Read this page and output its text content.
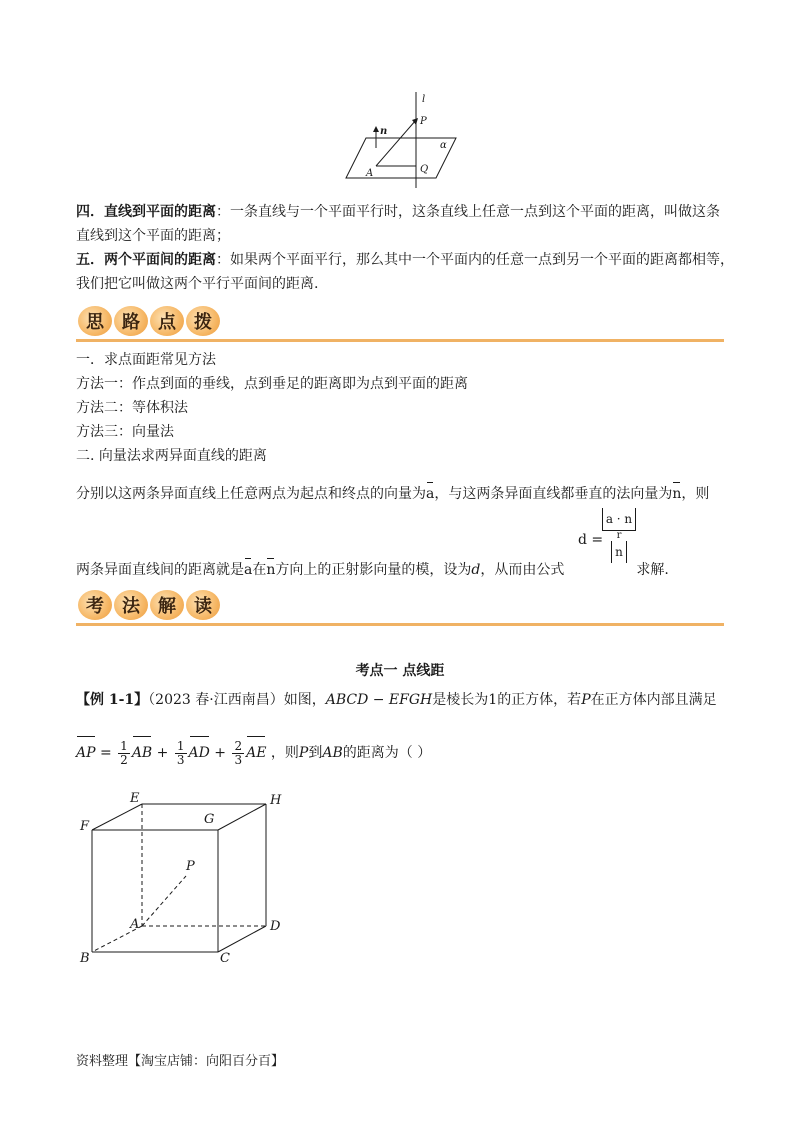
l
P
n
α
Q
A
四．直线到平面的距离：一条直线与一个平面平行时，这条直线上任意一点到这个平面的距离，叫做这条
直线到这个平面的距离；
五．两个平面间的距离：如果两个平面平行，那么其中一个平面内的任意一点到另一个平面的距离都相等，
我们把它叫做这两个平行平面间的距离.
思	路	点	拨
一．求点面距常见方法
方法一：作点到面的垂线，点到垂足的距离即为点到平面的距离
方法二：等体积法
方法三：向量法
二. 向量法求两异面直线的距离
分别以这两条异面直线上任意两点为起点和终点的向量为a，与这两条异面直线都垂直的法向量为n，则
d =
a · n
r
n
两条异面直线间的距离就是a在n方向上的正射影向量的模，设为d，从而由公式	求解.
考	法	解	读
考点一 点线距
【例 1-1】（2023 春·江西南昌）如图，ABCD − EFGH是棱长为1的正方体，若P在正方体内部且满足
AP = $\frac{1}{2}$ AB + $\frac{1}{3}$ AD + $\frac{2}{3}$ AE ，则P到AB的距离为（ ）
E	H
F	G
P
A	D
B	C
资料整理【淘宝店铺：向阳百分百】
